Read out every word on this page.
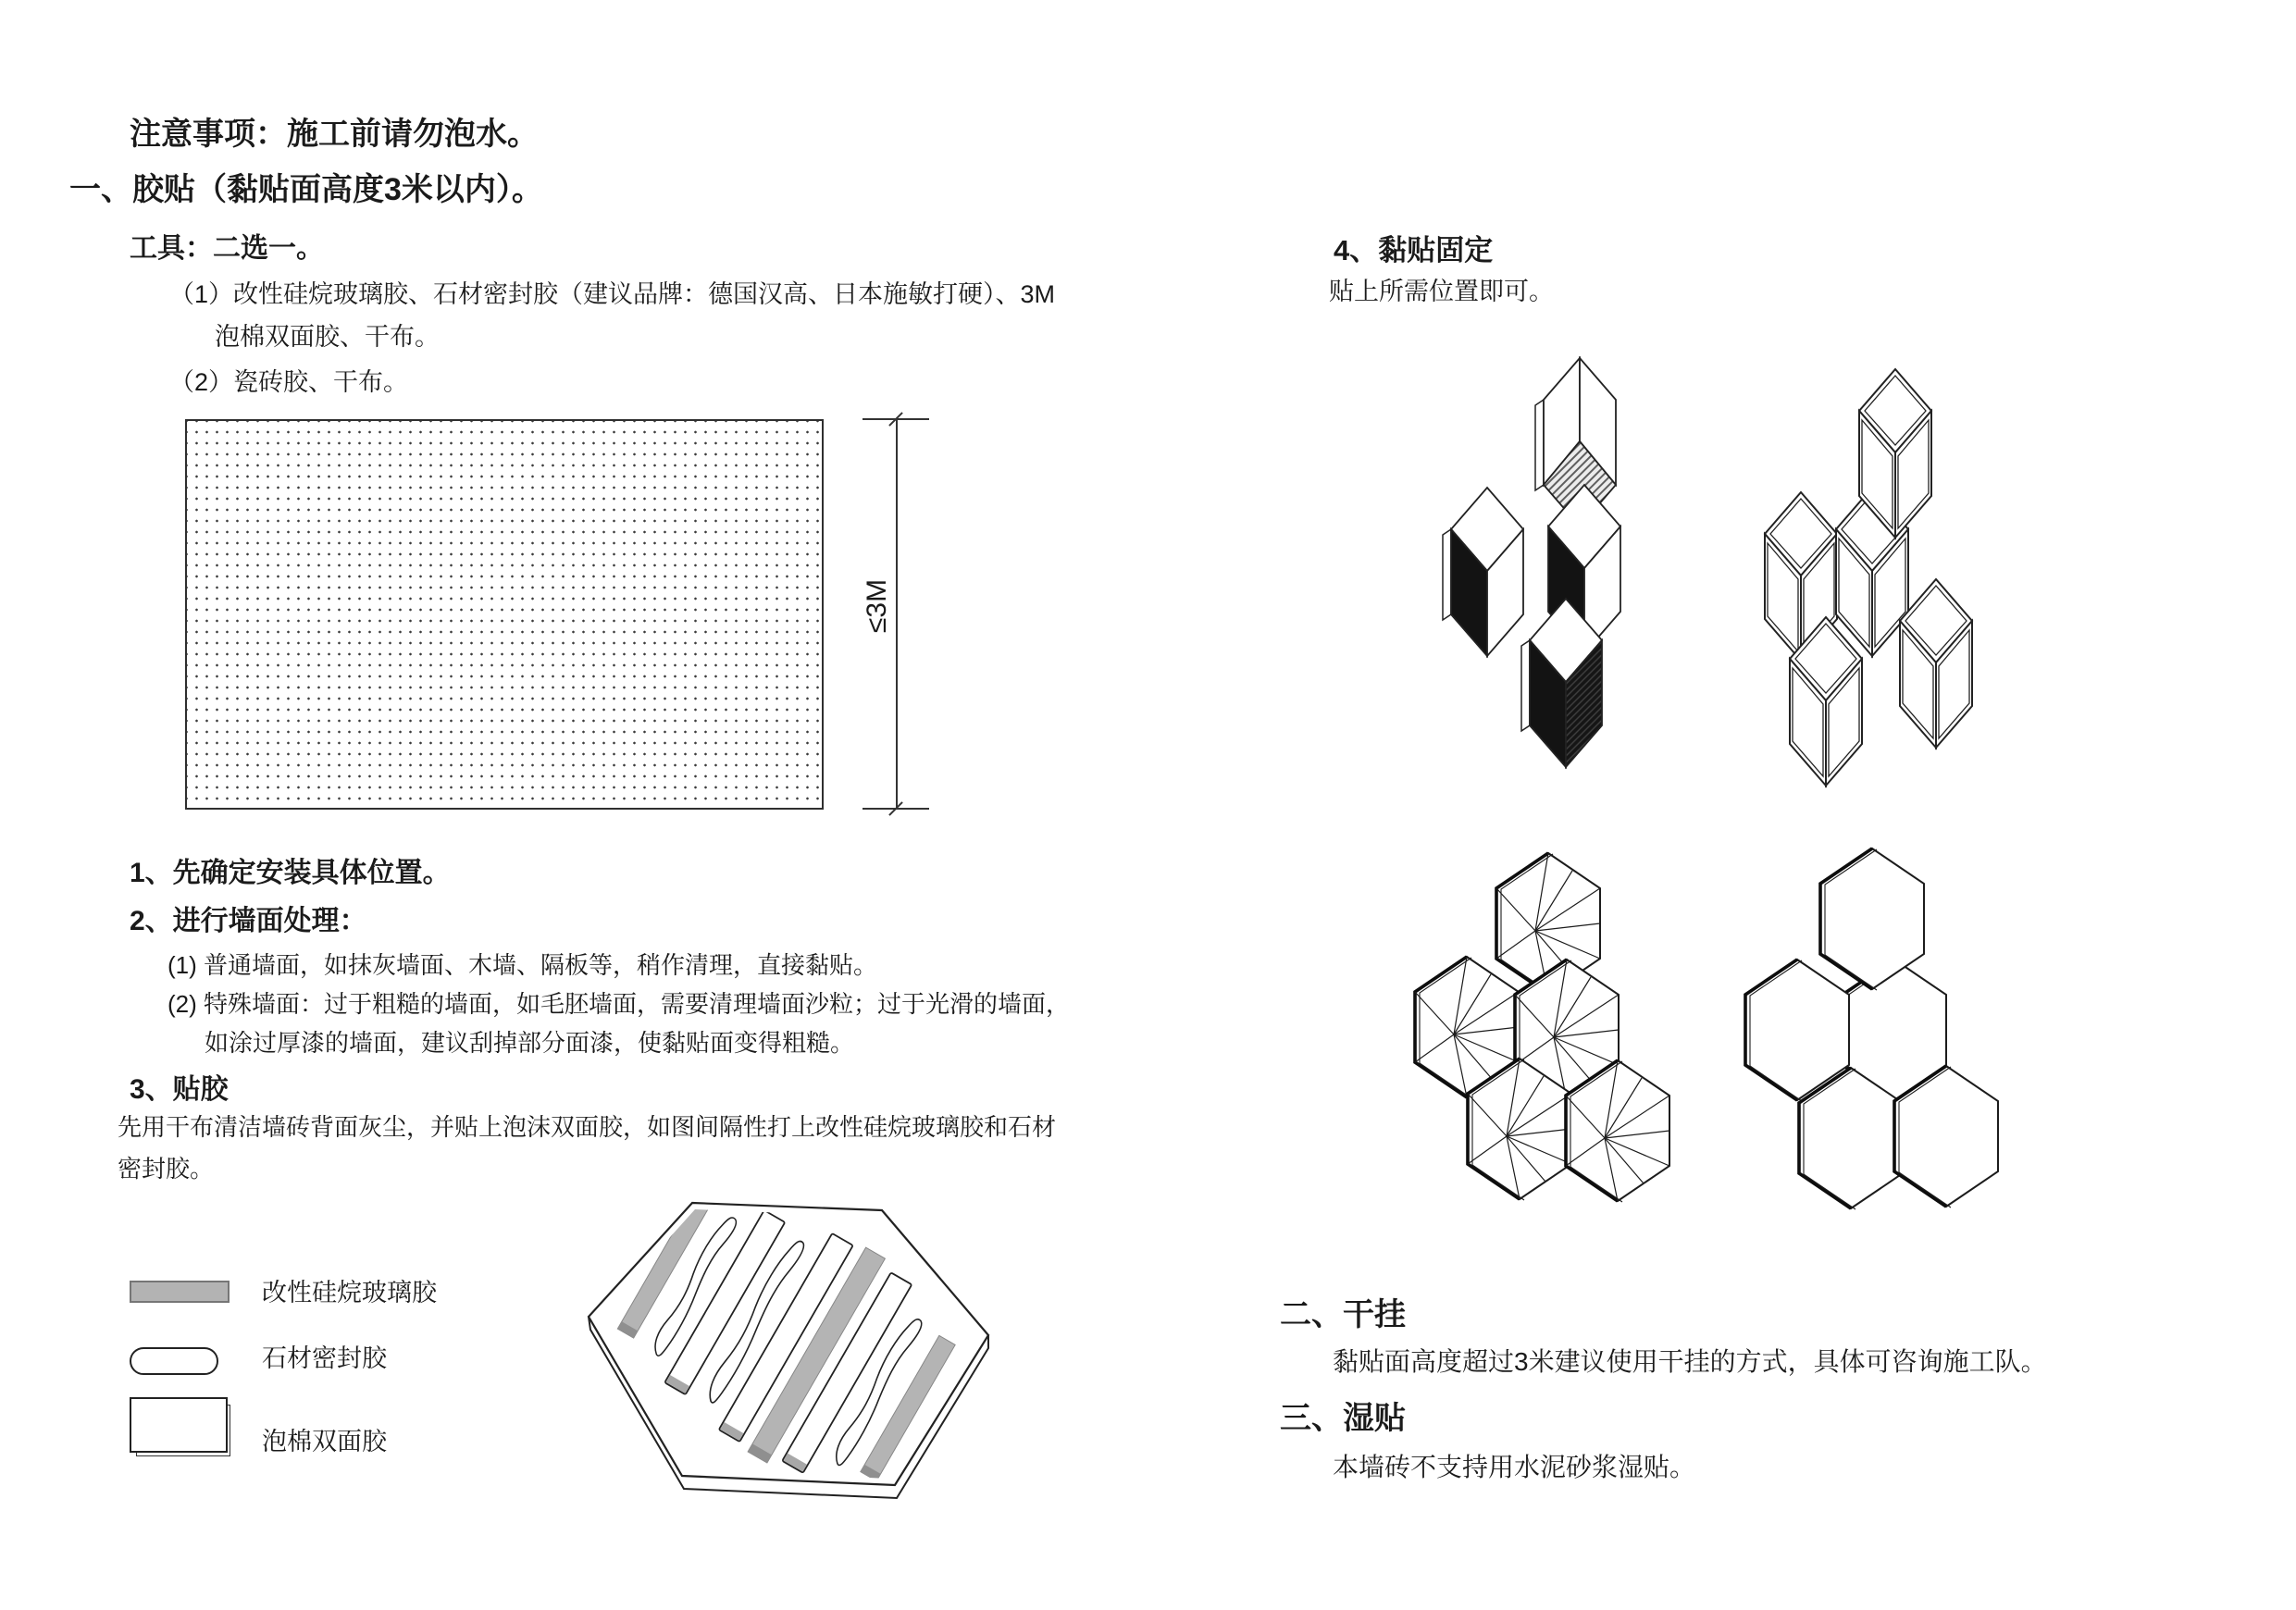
注意事项：施工前请勿泡水。
一、胶贴（黏贴面高度3米以内）。
工具：二选一。
（1）改性硅烷玻璃胶、石材密封胶（建议品牌：德国汉高、日本施敏打硬）、3M
泡棉双面胶、干布。
（2）瓷砖胶、干布。
≤3M
1、先确定安装具体位置。
2、进行墙面处理：
(1) 普通墙面，如抹灰墙面、木墙、隔板等，稍作清理，直接黏贴。
(2) 特殊墙面：过于粗糙的墙面，如毛胚墙面，需要清理墙面沙粒；过于光滑的墙面，
如涂过厚漆的墙面，建议刮掉部分面漆，使黏贴面变得粗糙。
3、贴胶
先用干布清洁墙砖背面灰尘，并贴上泡沫双面胶，如图间隔性打上改性硅烷玻璃胶和石材
密封胶。
改性硅烷玻璃胶
石材密封胶
泡棉双面胶
4、黏贴固定
贴上所需位置即可。
二、干挂
黏贴面高度超过3米建议使用干挂的方式，具体可咨询施工队。
三、湿贴
本墙砖不支持用水泥砂浆湿贴。
